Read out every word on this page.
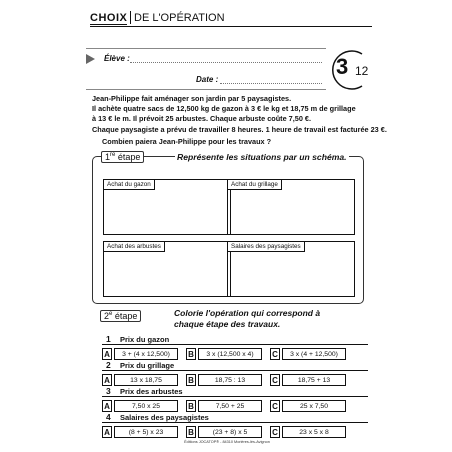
CHOIX DE L'OPÉRATION
Élève :
Date :
3 12

Jean-Philippe fait aménager son jardin par 5 paysagistes.

Il achète quatre sacs de 12,500 kg de gazon à 3 € le kg et 18,75 m de grillage

à 13 € le m. Il prévoit 25 arbustes. Chaque arbuste coûte 7,50 €.

Chaque paysagiste a prévu de travailler 8 heures. 1 heure de travail est facturée 23 €.

Combien paiera Jean-Philippe pour les travaux ?

1re étape	Représente les situations par un schéma.
Achat du gazon	Achat du grillage
Achat des arbustes	Salaires des paysagistes
2e étape	Colorie l'opération qui correspond à
chaque étape des travaux.
1 Prix du gazon
A	3 + (4 x 12,500)	B	3 x (12,500 x 4)	C	3 x (4 + 12,500)
2 Prix du grillage
A	13 x 18,75	B	18,75 : 13	C	18,75 + 13
3 Prix des arbustes
A	7,50 x 25	B	7,50 + 25	C	25 x 7,50
4 Salaires des paysagistes
A	(8 + 5) x 23	B	(23 + 8) x 5	C	23 x 5 x 8
Éditions JOCATOP® - 84310 Morières-lès-Avignon
